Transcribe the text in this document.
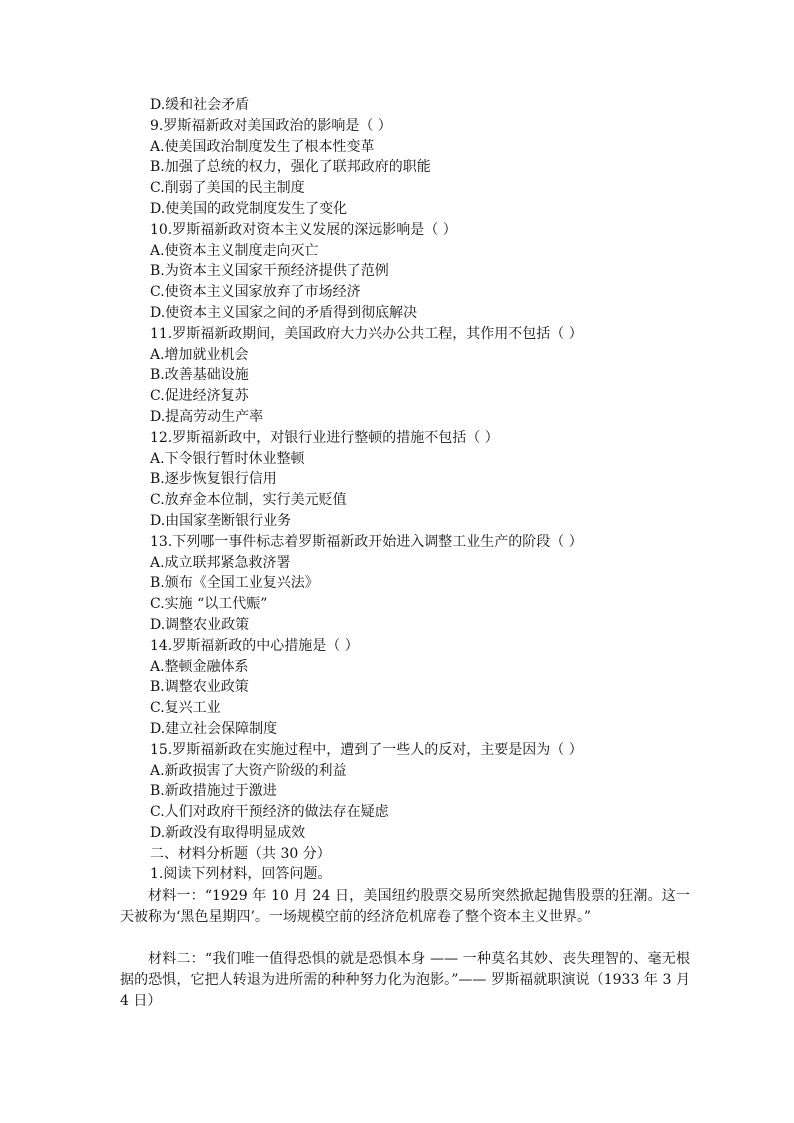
D.缓和社会矛盾
9.罗斯福新政对美国政治的影响是（ ）
A.使美国政治制度发生了根本性变革
B.加强了总统的权力，强化了联邦政府的职能
C.削弱了美国的民主制度
D.使美国的政党制度发生了变化
10.罗斯福新政对资本主义发展的深远影响是（ ）
A.使资本主义制度走向灭亡
B.为资本主义国家干预经济提供了范例
C.使资本主义国家放弃了市场经济
D.使资本主义国家之间的矛盾得到彻底解决
11.罗斯福新政期间，美国政府大力兴办公共工程，其作用不包括（ ）
A.增加就业机会
B.改善基础设施
C.促进经济复苏
D.提高劳动生产率
12.罗斯福新政中，对银行业进行整顿的措施不包括（ ）
A.下令银行暂时休业整顿
B.逐步恢复银行信用
C.放弃金本位制，实行美元贬值
D.由国家垄断银行业务
13.下列哪一事件标志着罗斯福新政开始进入调整工业生产的阶段（ ）
A.成立联邦紧急救济署
B.颁布《全国工业复兴法》
C.实施 “以工代赈”
D.调整农业政策
14.罗斯福新政的中心措施是（ ）
A.整顿金融体系
B.调整农业政策
C.复兴工业
D.建立社会保障制度
15.罗斯福新政在实施过程中，遭到了一些人的反对，主要是因为（ ）
A.新政损害了大资产阶级的利益
B.新政措施过于激进
C.人们对政府干预经济的做法存在疑虑
D.新政没有取得明显成效
二、材料分析题（共 30 分）
1.阅读下列材料，回答问题。

材料一：“1929 年 10 月 24 日，美国纽约股票交易所突然掀起抛售股票的狂潮。这一天被称为‘黑色星期四’。一场规模空前的经济危机席卷了整个资本主义世界。”

材料二：“我们唯一值得恐惧的就是恐惧本身 —— 一种莫名其妙、丧失理智的、毫无根据的恐惧，它把人转退为进所需的种种努力化为泡影。”—— 罗斯福就职演说（1933 年 3 月 4 日）
